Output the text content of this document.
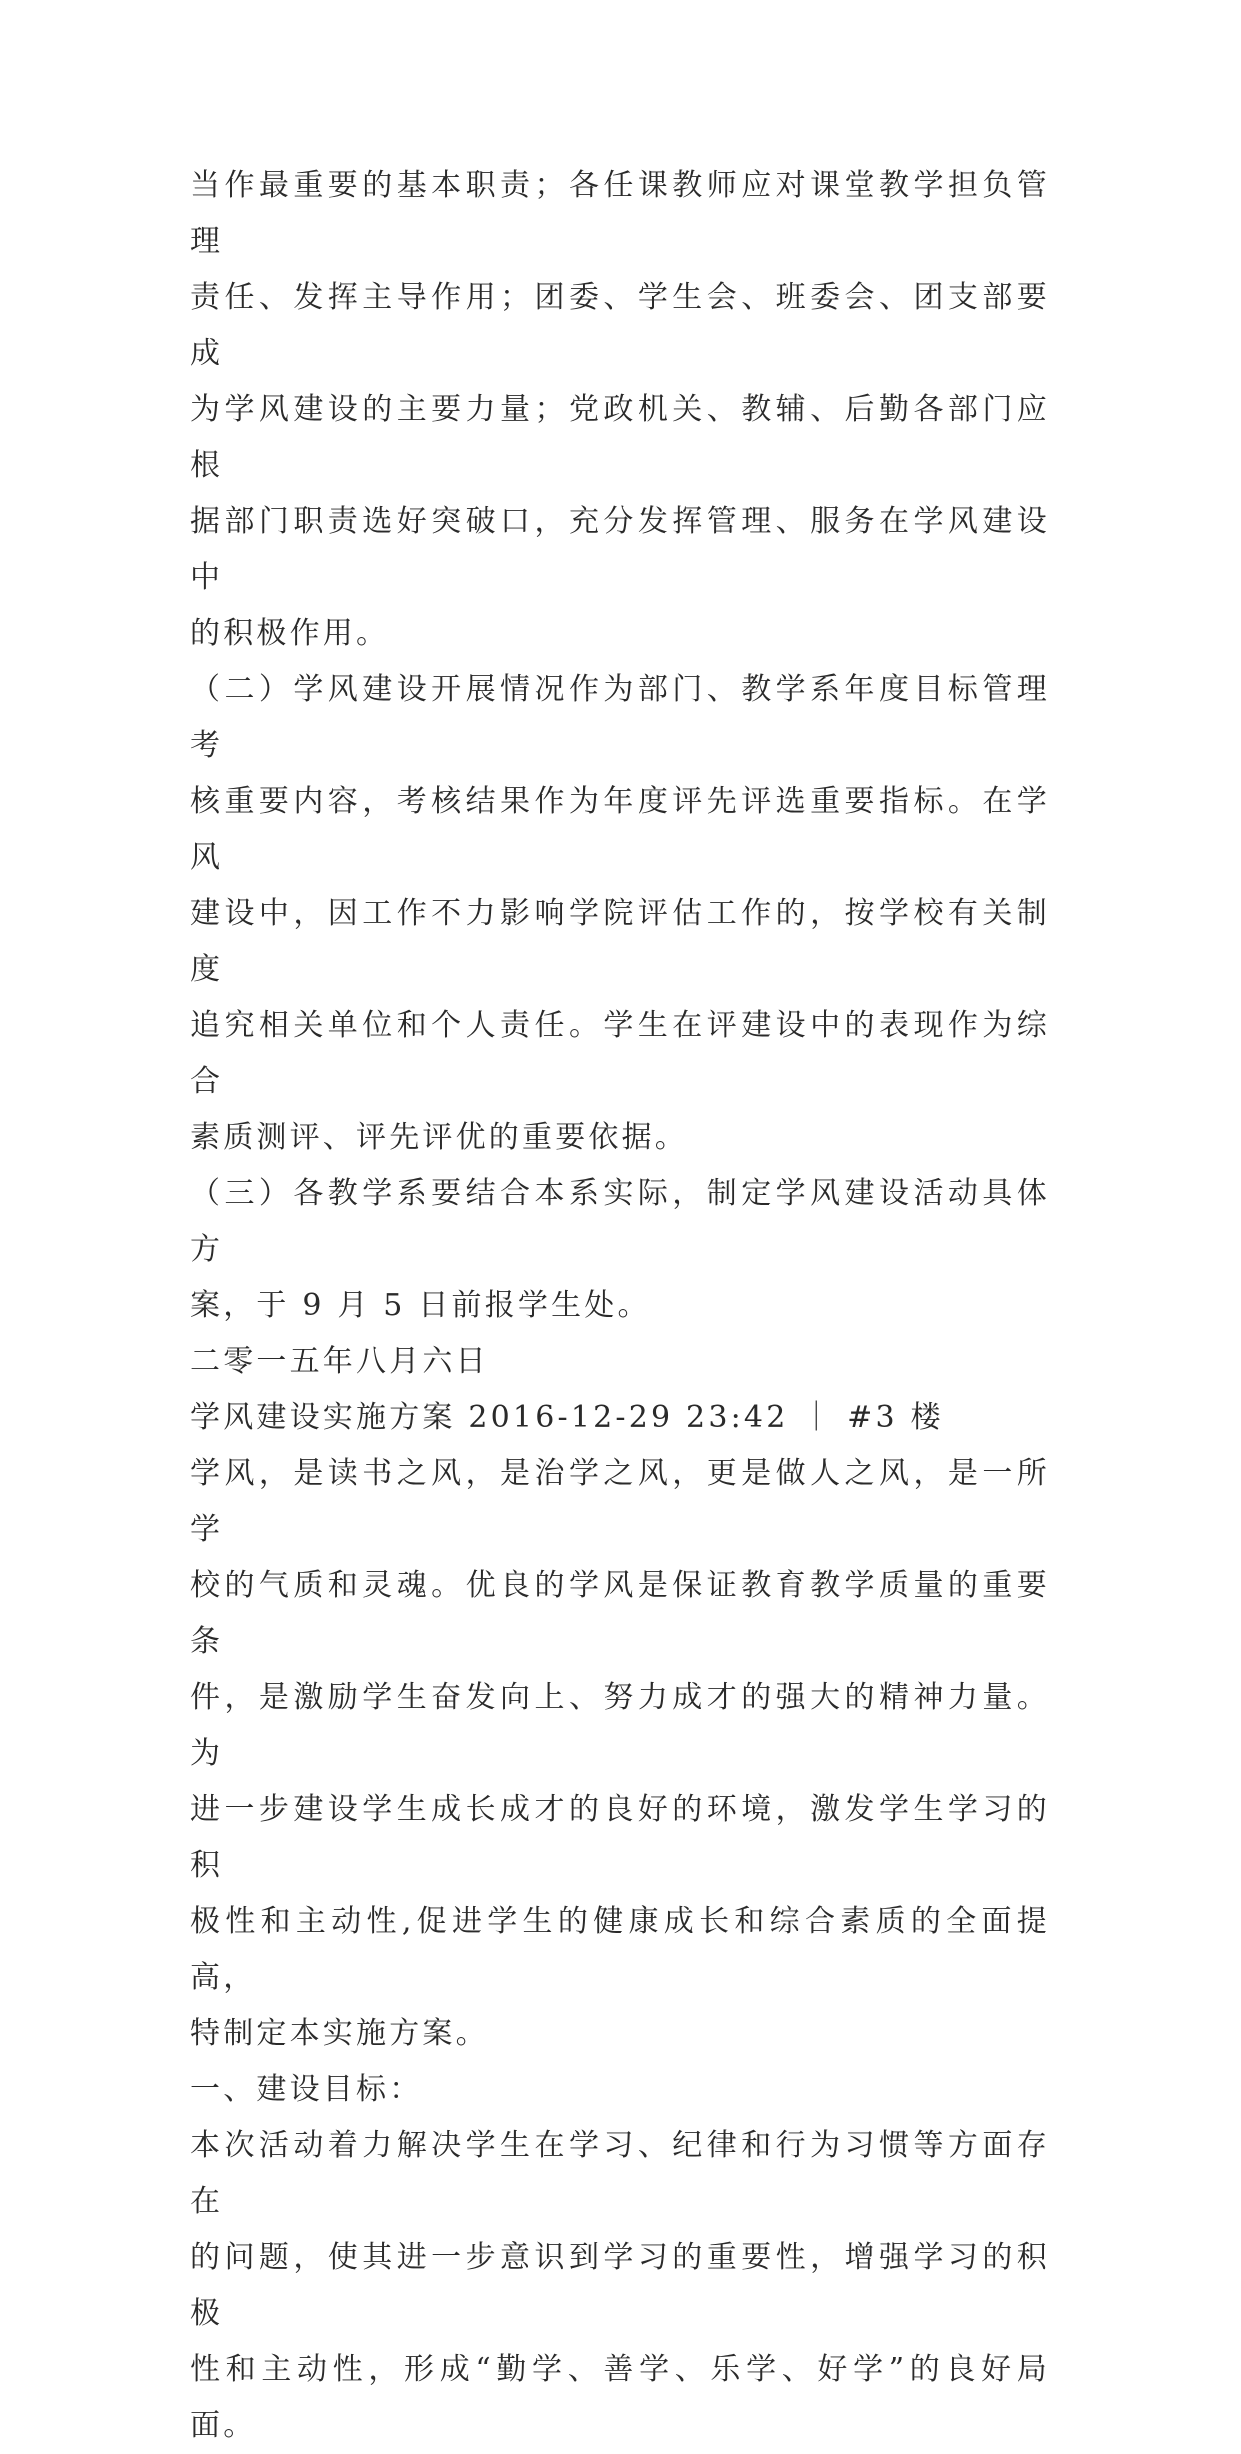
当作最重要的基本职责；各任课教师应对课堂教学担负管理

责任、发挥主导作用；团委、学生会、班委会、团支部要成

为学风建设的主要力量；党政机关、教辅、后勤各部门应根

据部门职责选好突破口，充分发挥管理、服务在学风建设中

的积极作用。

（二）学风建设开展情况作为部门、教学系年度目标管理考

核重要内容，考核结果作为年度评先评选重要指标。在学风

建设中，因工作不力影响学院评估工作的，按学校有关制度

追究相关单位和个人责任。学生在评建设中的表现作为综合

素质测评、评先评优的重要依据。

（三）各教学系要结合本系实际，制定学风建设活动具体方

案，于 9 月 5 日前报学生处。

二零一五年八月六日

学风建设实施方案 2016-12-29 23:42 ｜ #3 楼

学风，是读书之风，是治学之风，更是做人之风，是一所学

校的气质和灵魂。优良的学风是保证教育教学质量的重要条

件，是激励学生奋发向上、努力成才的强大的精神力量。为

进一步建设学生成长成才的良好的环境，激发学生学习的积

极性和主动性,促进学生的健康成长和综合素质的全面提高，

特制定本实施方案。

一、建设目标：

本次活动着力解决学生在学习、纪律和行为习惯等方面存在

的问题，使其进一步意识到学习的重要性，增强学习的积极

性和主动性，形成“勤学、善学、乐学、好学”的良好局面。
